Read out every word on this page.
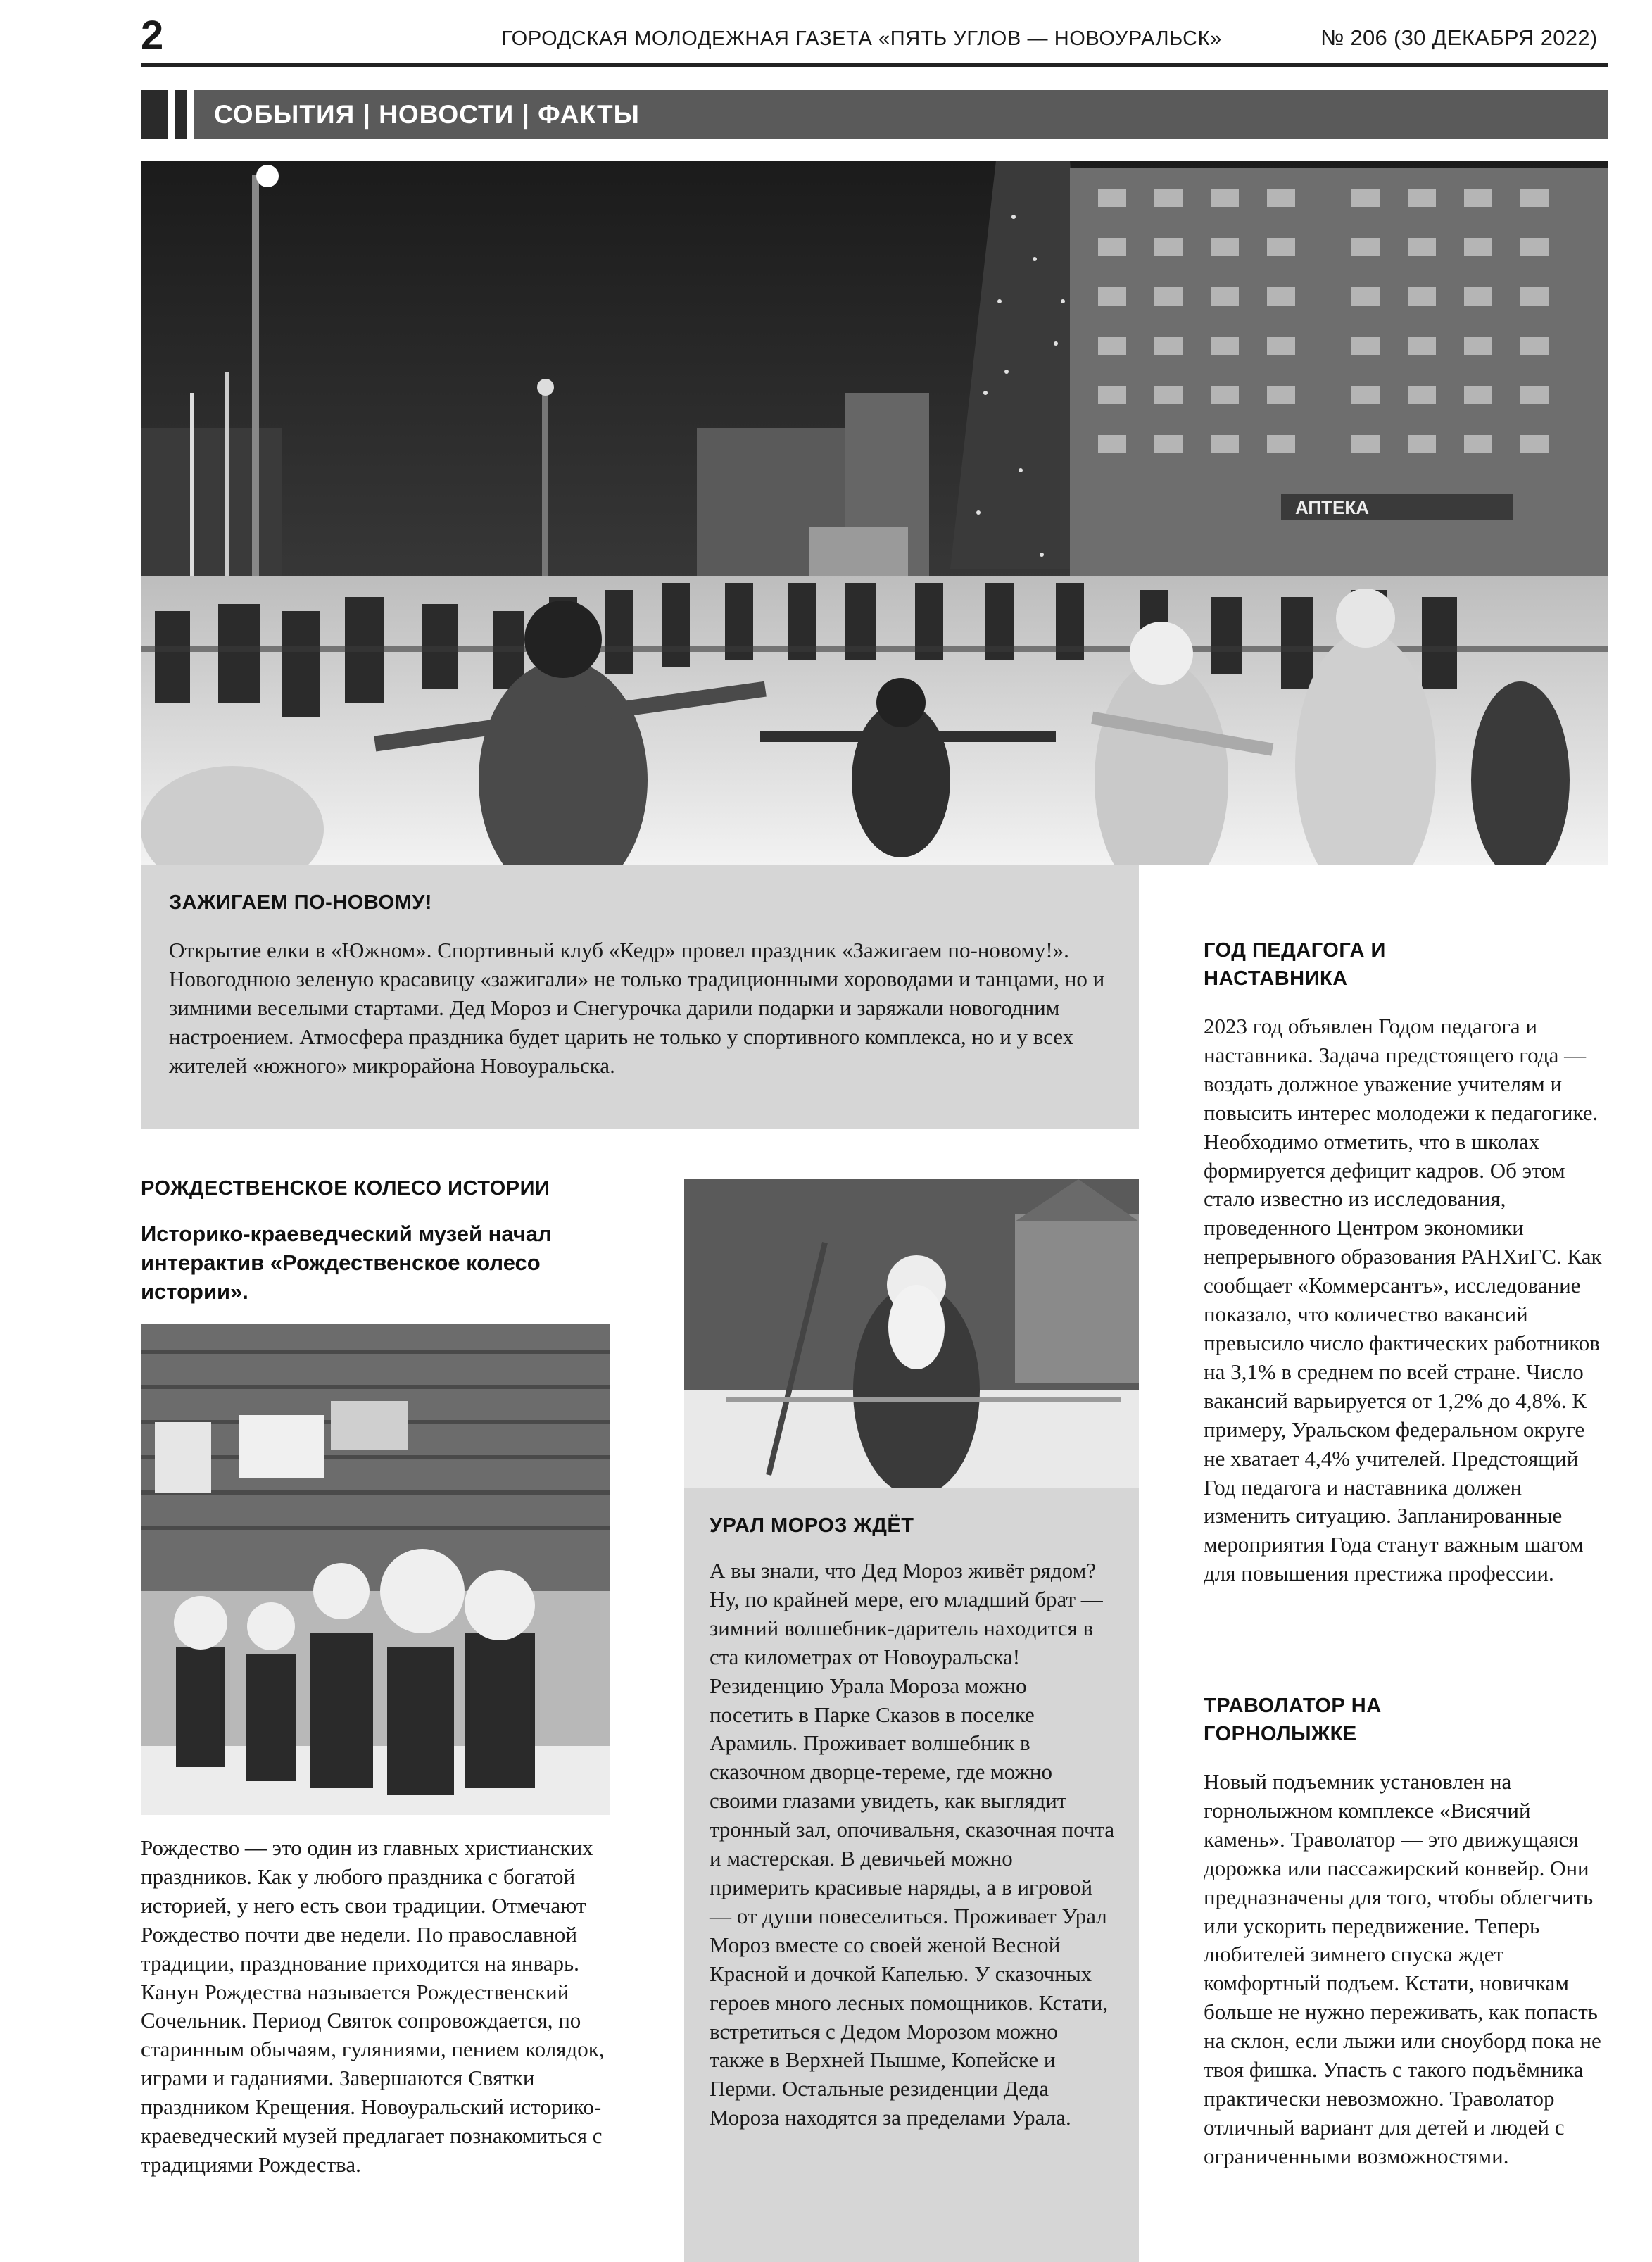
2	ГОРОДСКАЯ МОЛОДЕЖНАЯ ГАЗЕТА «ПЯТЬ УГЛОВ — НОВОУРАЛЬСК»	№ 206 (30 ДЕКАБРЯ 2022)
СОБЫТИЯ | НОВОСТИ | ФАКТЫ
АПТЕКА
ЗАЖИГАЕМ ПО-НОВОМУ!

Открытие елки в «Южном». Спортивный клуб «Кедр» провел праздник «Зажигаем по-новому!». Новогоднюю зеленую красавицу «зажигали» не только традиционными хороводами и танцами, но и зимними веселыми стартами. Дед Мороз и Снегурочка дарили подарки и заряжали новогодним настроением. Атмосфера праздника будет царить не только у спортивного комплекса, но и у всех жителей «южного» микрорайона Новоуральска.

ГОД ПЕДАГОГА И НАСТАВНИКА

2023 год объявлен Годом педагога и наставника. Задача предстоящего года — воздать должное уважение учителям и повысить интерес молодежи к педагогике. Необходимо отметить, что в школах формируется дефицит кадров. Об этом стало известно из исследования, проведенного Центром экономики непрерывного образования РАНХиГС. Как сообщает «Коммерсантъ», исследование показало, что количество вакансий превысило число фактических работников на 3,1% в среднем по всей стране. Число вакансий варьируется от 1,2% до 4,8%. К примеру, Уральском федеральном округе не хватает 4,4% учителей. Предстоящий Год педагога и наставника должен изменить ситуацию. Запланированные мероприятия Года станут важным шагом для повышения престижа профессии.

ТРАВОЛАТОР НА ГОРНОЛЫЖКЕ

Новый подъемник установлен на горнолыжном комплексе «Висячий камень». Траволатор — это движущаяся дорожка или пассажирский конвейр. Они предназначены для того, чтобы облегчить или ускорить передвижение. Теперь любителей зимнего спуска ждет комфортный подъем. Кстати, новичкам больше не нужно переживать, как попасть на склон, если лыжи или сноуборд пока не твоя фишка. Упасть с такого подъёмника практически невозможно. Траволатор отличный вариант для детей и людей с ограниченными возможностями.

РОЖДЕСТВЕНСКОЕ КОЛЕСО ИСТОРИИ
Историко-краеведческий музей начал интерактив «Рождественское колесо истории».

Рождество — это один из главных христианских праздников. Как у любого праздника с богатой историей, у него есть свои традиции. Отмечают Рождество почти две недели. По православной традиции, празднование приходится на январь. Канун Рождества называется Рождественский Сочельник. Период Святок сопровождается, по старинным обычаям, гуляниями, пением колядок, играми и гаданиями. Завершаются Святки праздником Крещения. Новоуральский историко-краеведческий музей предлагает познакомиться с традициями Рождества.

УРАЛ МОРОЗ ЖДЁТ

А вы знали, что Дед Мороз живёт рядом? Ну, по крайней мере, его младший брат — зимний волшебник-даритель находится в ста километрах от Новоуральска! Резиденцию Урала Мороза можно посетить в Парке Сказов в поселке Арамиль. Проживает волшебник в сказочном дворце-тереме, где можно своими глазами увидеть, как выглядит тронный зал, опочивальня, сказочная почта и мастерская. В девичьей можно примерить красивые наряды, а в игровой — от души повеселиться. Проживает Урал Мороз вместе со своей женой Весной Красной и дочкой Капелью. У сказочных героев много лесных помощников. Кстати, встретиться с Дедом Морозом можно также в Верхней Пышме, Копейске и Перми. Остальные резиденции Деда Мороза находятся за пределами Урала.
